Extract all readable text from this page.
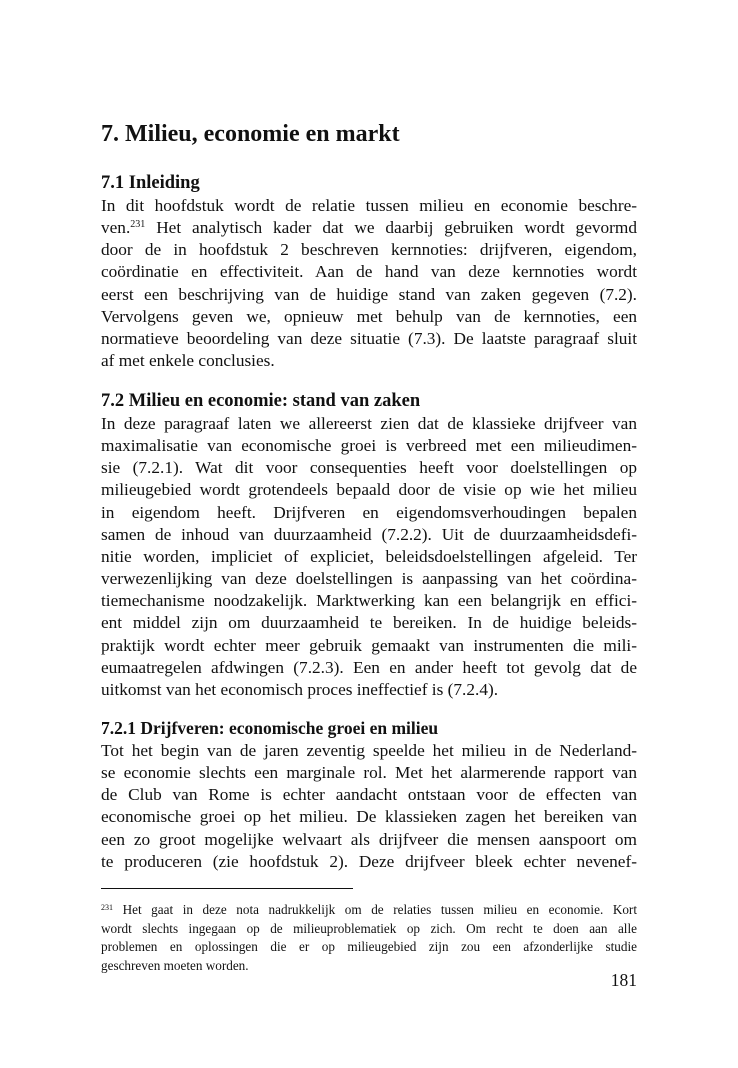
7. Milieu, economie en markt
7.1 Inleiding

In dit hoofdstuk wordt de relatie tussen milieu en economie beschre-
ven.$^{231}$ Het analytisch kader dat we daarbij gebruiken wordt gevormd
door de in hoofdstuk 2 beschreven kernnoties: drijfveren, eigendom,
coördinatie en effectiviteit. Aan de hand van deze kernnoties wordt
eerst een beschrijving van de huidige stand van zaken gegeven (7.2).
Vervolgens geven we, opnieuw met behulp van de kernnoties, een
normatieve beoordeling van deze situatie (7.3). De laatste paragraaf sluit
af met enkele conclusies.

7.2 Milieu en economie: stand van zaken

In deze paragraaf laten we allereerst zien dat de klassieke drijfveer van
maximalisatie van economische groei is verbreed met een milieudimen-
sie (7.2.1). Wat dit voor consequenties heeft voor doelstellingen op
milieugebied wordt grotendeels bepaald door de visie op wie het milieu
in eigendom heeft. Drijfveren en eigendomsverhoudingen bepalen
samen de inhoud van duurzaamheid (7.2.2). Uit de duurzaamheidsdefi-
nitie worden, impliciet of expliciet, beleidsdoelstellingen afgeleid. Ter
verwezenlijking van deze doelstellingen is aanpassing van het coördina-
tiemechanisme noodzakelijk. Marktwerking kan een belangrijk en effici-
ent middel zijn om duurzaamheid te bereiken. In de huidige beleids-
praktijk wordt echter meer gebruik gemaakt van instrumenten die mili-
eumaatregelen afdwingen (7.2.3). Een en ander heeft tot gevolg dat de
uitkomst van het economisch proces ineffectief is (7.2.4).

7.2.1 Drijfveren: economische groei en milieu

Tot het begin van de jaren zeventig speelde het milieu in de Nederland-
se economie slechts een marginale rol. Met het alarmerende rapport van
de Club van Rome is echter aandacht ontstaan voor de effecten van
economische groei op het milieu. De klassieken zagen het bereiken van
een zo groot mogelijke welvaart als drijfveer die mensen aanspoort om
te produceren (zie hoofdstuk 2). Deze drijfveer bleek echter nevenef-

$^{231}$ Het gaat in deze nota nadrukkelijk om de relaties tussen milieu en economie. Kort
wordt slechts ingegaan op de milieuproblematiek op zich. Om recht te doen aan alle
problemen en oplossingen die er op milieugebied zijn zou een afzonderlijke studie
geschreven moeten worden.
181
